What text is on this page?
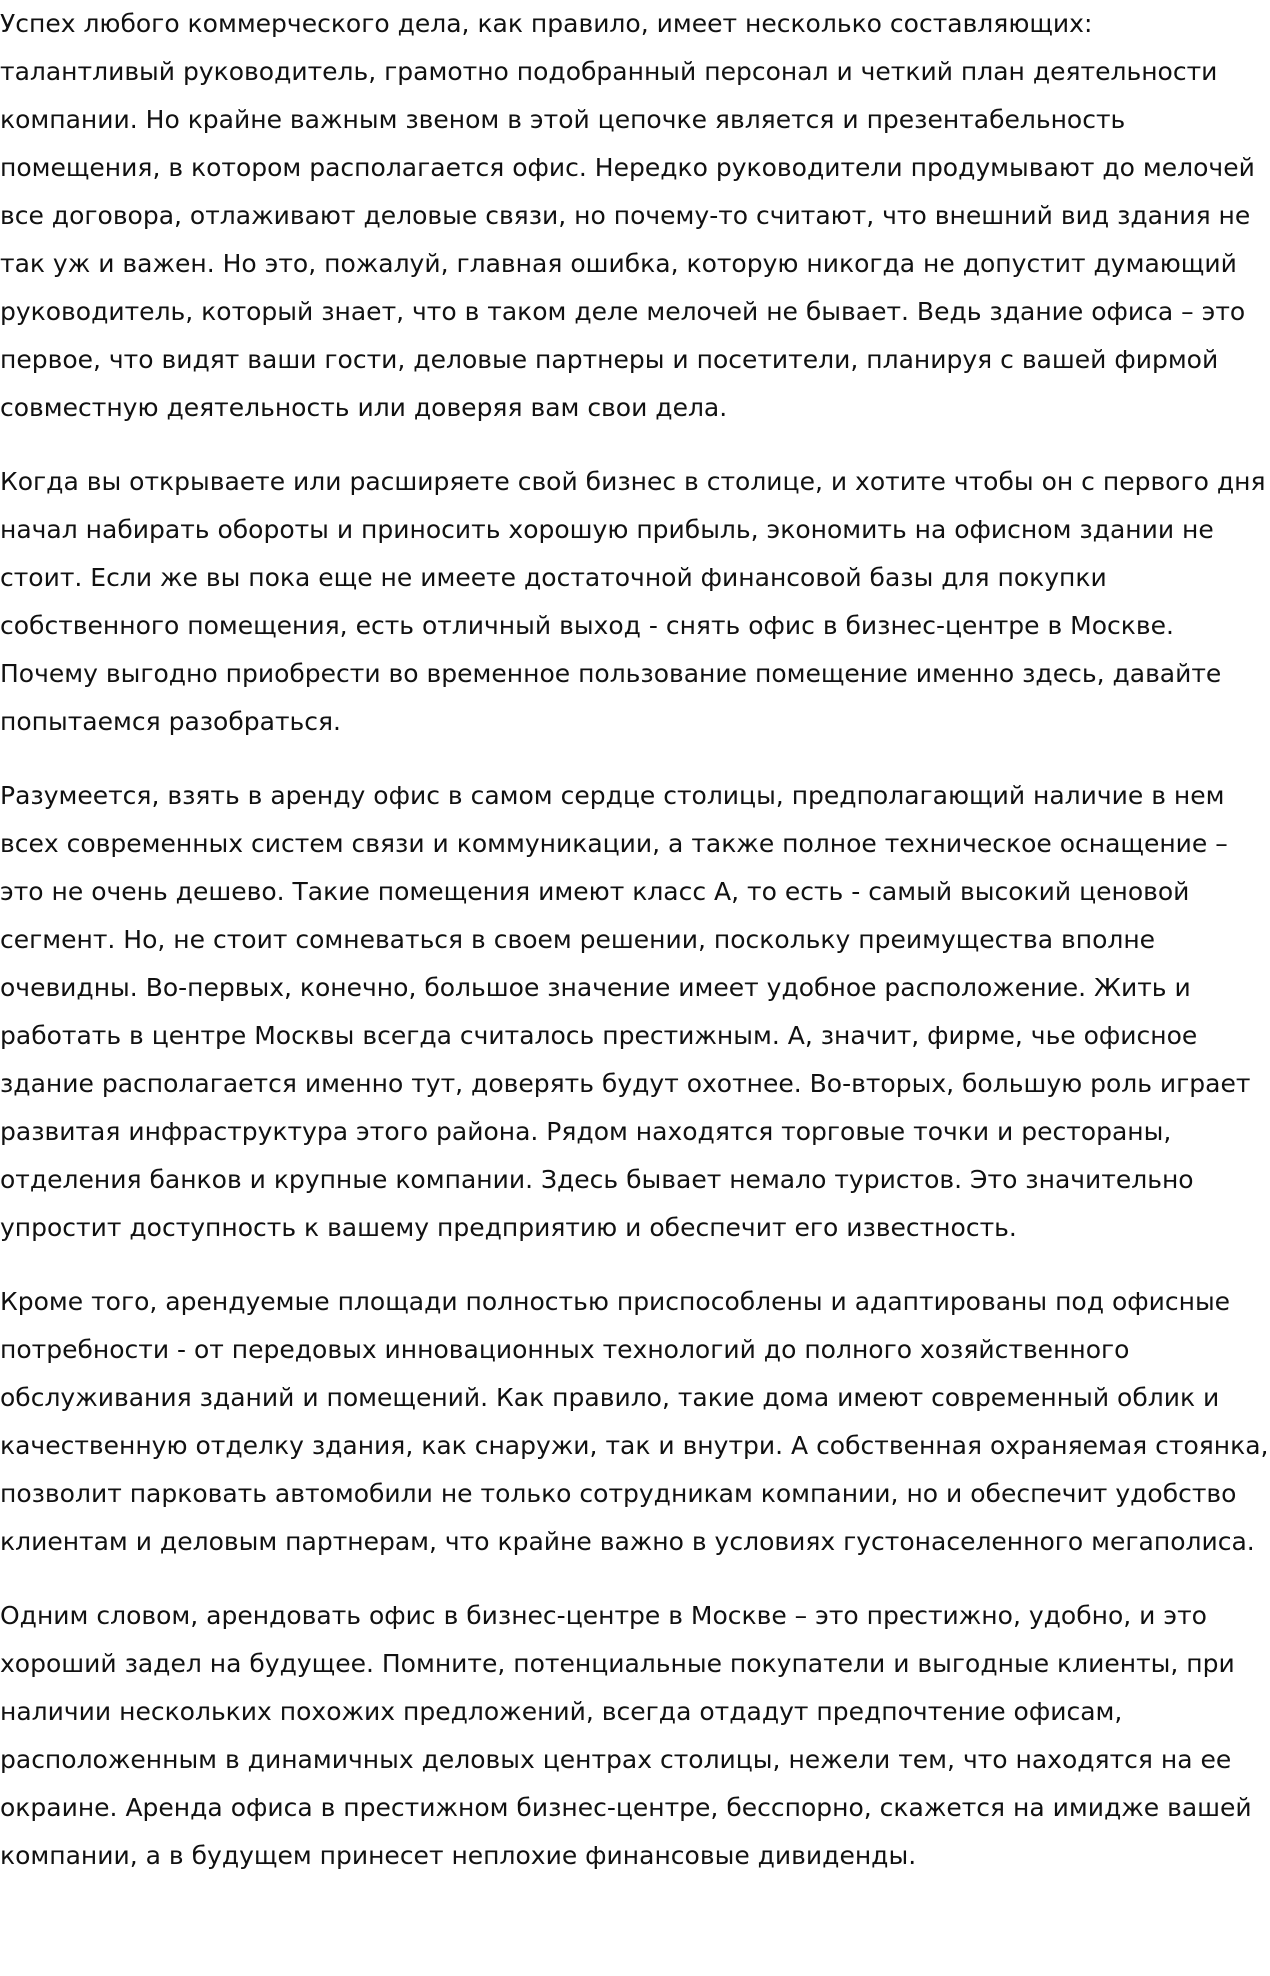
Успех любого коммерческого дела, как правило, имеет несколько составляющих: талантливый руководитель, грамотно подобранный персонал и четкий план деятельности компании. Но крайне важным звеном в этой цепочке является и презентабельность помещения, в котором располагается офис. Нередко руководители продумывают до мелочей все договора, отлаживают деловые связи, но почему-то считают, что внешний вид здания не так уж и важен. Но это, пожалуй, главная ошибка, которую никогда не допустит думающий руководитель, который знает, что в таком деле мелочей не бывает. Ведь здание офиса – это первое, что видят ваши гости, деловые партнеры и посетители, планируя с вашей фирмой совместную деятельность или доверяя вам свои дела.

Когда вы открываете или расширяете свой бизнес в столице, и хотите чтобы он с первого дня начал набирать обороты и приносить хорошую прибыль, экономить на офисном здании не стоит. Если же вы пока еще не имеете достаточной финансовой базы для покупки собственного помещения, есть отличный выход - снять офис в бизнес-центре в Москве. Почему выгодно приобрести во временное пользование помещение именно здесь, давайте попытаемся разобраться.

Разумеется, взять в аренду офис в самом сердце столицы, предполагающий наличие в нем всех современных систем связи и коммуникации, а также полное техническое оснащение – это не очень дешево. Такие помещения имеют класс А, то есть - самый высокий ценовой сегмент. Но, не стоит сомневаться в своем решении, поскольку преимущества вполне очевидны. Во-первых, конечно, большое значение имеет удобное расположение. Жить и работать в центре Москвы всегда считалось престижным. А, значит, фирме, чье офисное здание располагается именно тут, доверять будут охотнее. Во-вторых, большую роль играет развитая инфраструктура этого района. Рядом находятся торговые точки и рестораны, отделения банков и крупные компании. Здесь бывает немало туристов. Это значительно упростит доступность к вашему предприятию и обеспечит его известность.

Кроме того, арендуемые площади полностью приспособлены и адаптированы под офисные потребности - от передовых инновационных технологий до полного хозяйственного обслуживания зданий и помещений. Как правило, такие дома имеют современный облик и качественную отделку здания, как снаружи, так и внутри. А собственная охраняемая стоянка, позволит парковать автомобили не только сотрудникам компании, но и обеспечит удобство клиентам и деловым партнерам, что крайне важно в условиях густонаселенного мегаполиса.

Одним словом, арендовать офис в бизнес-центре в Москве – это престижно, удобно, и это хороший задел на будущее. Помните, потенциальные покупатели и выгодные клиенты, при наличии нескольких похожих предложений, всегда отдадут предпочтение офисам, расположенным в динамичных деловых центрах столицы, нежели тем, что находятся на ее окраине. Аренда офиса в престижном бизнес-центре, бесспорно, скажется на имидже вашей компании, а в будущем принесет неплохие финансовые дивиденды.
